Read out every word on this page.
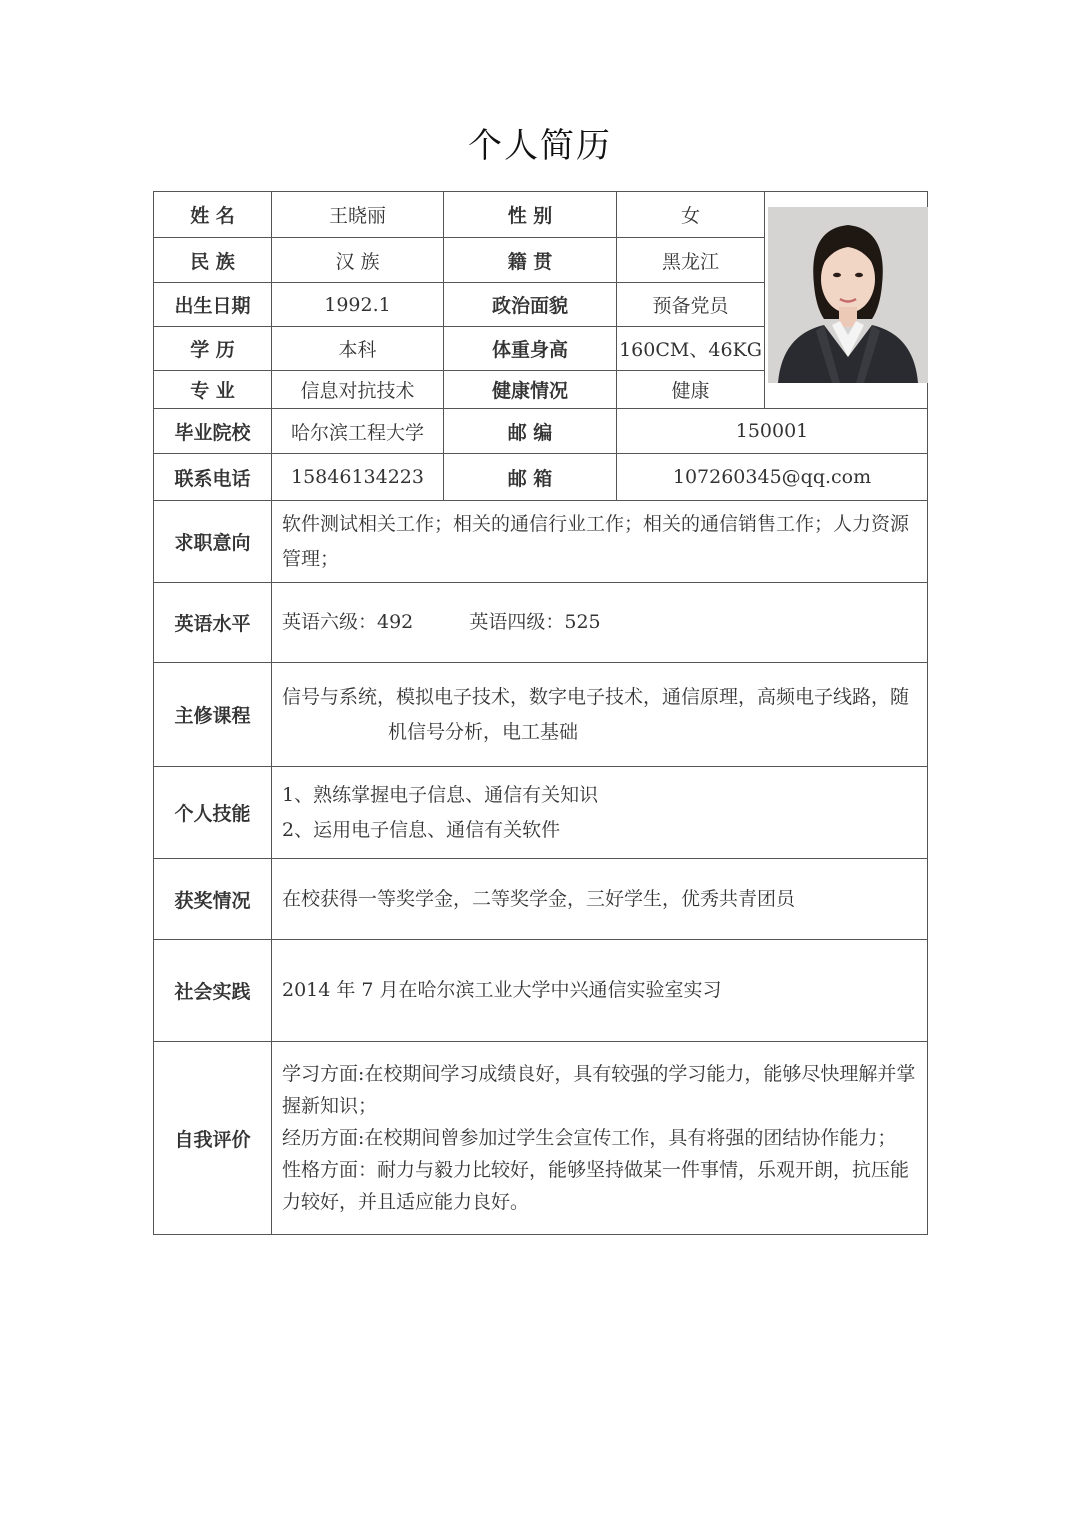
个人简历
姓 名	王晓丽	性 别	女	

民 族	汉 族	籍 贯	黑龙江	
出生日期	1992.1	政治面貌	预备党员	
学 历	本科	体重身高	160CM、46KG	
专 业	信息对抗技术	健康情况	健康	
毕业院校	哈尔滨工程大学	邮 编	150001	
联系电话	15846134223	邮 箱	107260345@qq.com	
求职意向	软件测试相关工作；相关的通信行业工作；相关的通信销售工作；人力资源

管理；			

英语水平	英语六级：492 英语四级：525			
主修课程	信号与系统，模拟电子技术，数字电子技术，通信原理，高频电子线路，随

机信号分析，电工基础			

个人技能	1、熟练掌握电子信息、通信有关知识

2、运用电子信息、通信有关软件			

获奖情况	在校获得一等奖学金，二等奖学金，三好学生，优秀共青团员			
社会实践	2014 年 7 月在哈尔滨工业大学中兴通信实验室实习			
自我评价	学习方面:在校期间学习成绩良好，具有较强的学习能力，能够尽快理解并掌

握新知识；

经历方面:在校期间曾参加过学生会宣传工作，具有将强的团结协作能力；

性格方面：耐力与毅力比较好，能够坚持做某一件事情，乐观开朗，抗压能

力较好，并且适应能力良好。			
